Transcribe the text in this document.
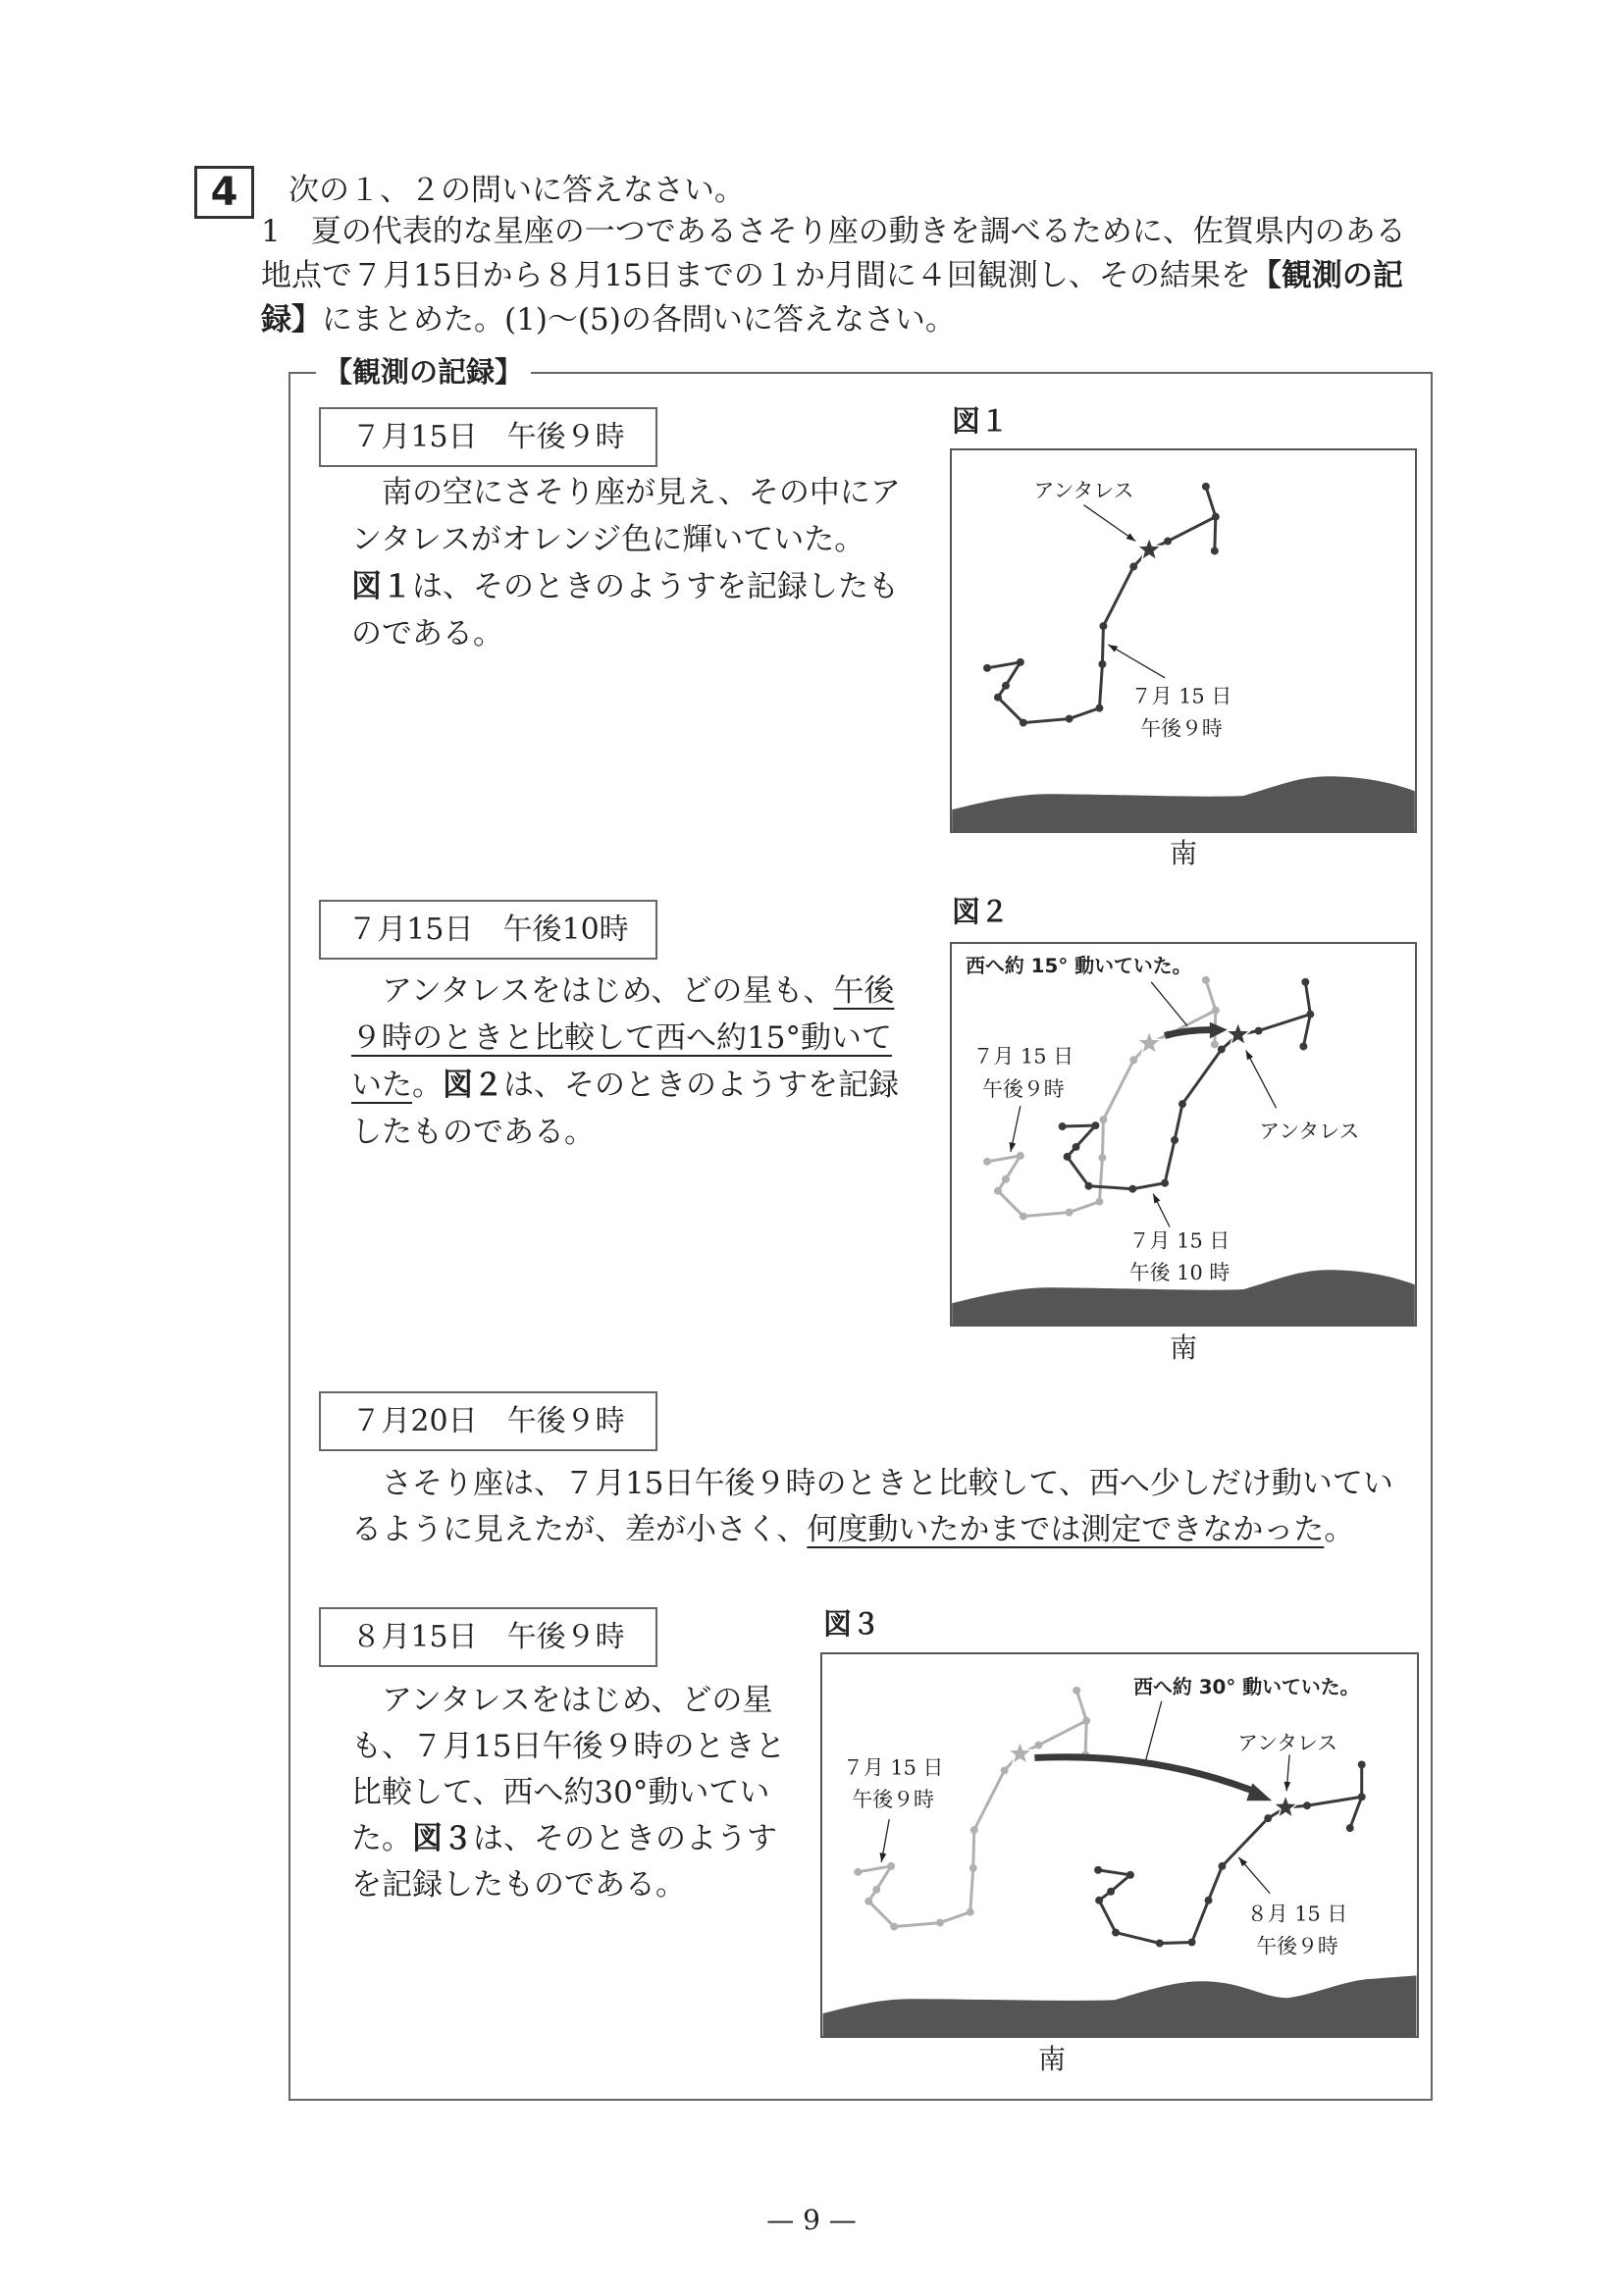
4	次の１、２の問いに答えなさい。
1　夏の代表的な星座の一つであるさそり座の動きを調べるために、佐賀県内のある
地点で７月15日から８月15日までの１か月間に４回観測し、その結果を【観測の記
録】にまとめた。(1)〜(5)の各問いに答えなさい。
【観測の記録】
７月15日　午後９時
南の空にさそり座が見え、その中にア
ンタレスがオレンジ色に輝いていた。
図１は、そのときのようすを記録したも
のである。
７月15日　午後10時
アンタレスをはじめ、どの星も、午後
９時のときと比較して西へ約15°動いて
いた。図２は、そのときのようすを記録
したものである。
７月20日　午後９時
さそり座は、７月15日午後９時のときと比較して、西へ少しだけ動いてい
るように見えたが、差が小さく、何度動いたかまでは測定できなかった。
８月15日　午後９時
アンタレスをはじめ、どの星
も、７月15日午後９時のときと
比較して、西へ約30°動いてい
た。図３は、そのときのようす
を記録したものである。
図１
アンタレス
７月 15 日
午後９時
南
図２
西へ約 15° 動いていた。
７月 15 日
午後９時
アンタレス
７月 15 日
午後 10 時
南
図３
西へ約 30° 動いていた。
アンタレス
７月 15 日
午後９時
８月 15 日
午後９時
南
— 9 —
